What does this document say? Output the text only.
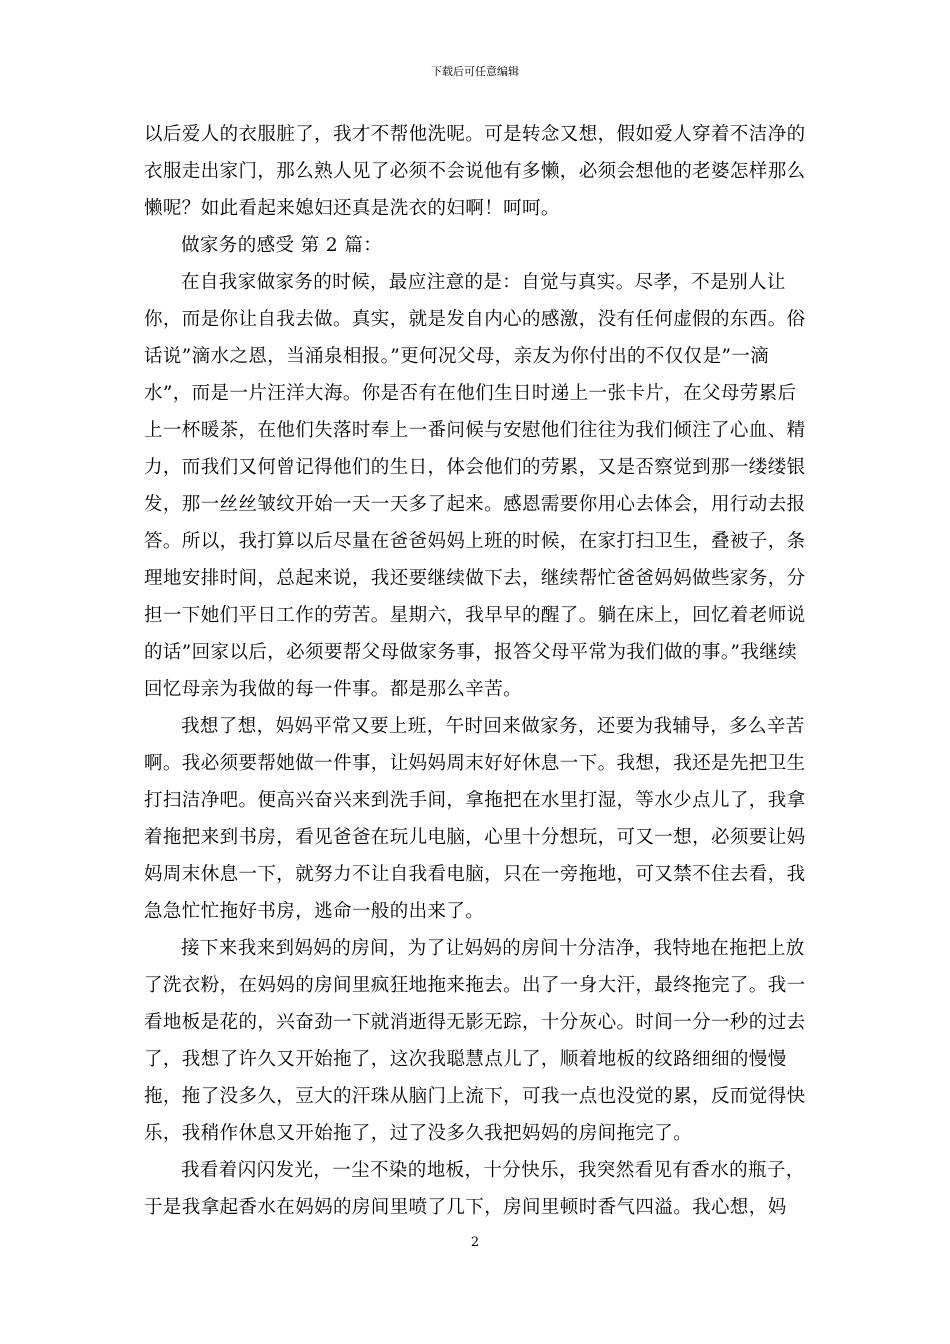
下载后可任意编辑

以后爱人的衣服脏了，我才不帮他洗呢。可是转念又想，假如爱人穿着不洁净的衣服走出家门，那么熟人见了必须不会说他有多懒，必须会想他的老婆怎样那么懒呢？如此看起来媳妇还真是洗衣的妇啊！呵呵。

做家务的感受 第 2 篇：

在自我家做家务的时候，最应注意的是：自觉与真实。尽孝，不是别人让你，而是你让自我去做。真实，就是发自内心的感激，没有任何虚假的东西。俗话说”滴水之恩，当涌泉相报。”更何况父母，亲友为你付出的不仅仅是”一滴水”，而是一片汪洋大海。你是否有在他们生日时递上一张卡片，在父母劳累后上一杯暖茶，在他们失落时奉上一番问候与安慰他们往往为我们倾注了心血、精力，而我们又何曾记得他们的生日，体会他们的劳累，又是否察觉到那一缕缕银发，那一丝丝皱纹开始一天一天多了起来。感恩需要你用心去体会，用行动去报答。所以，我打算以后尽量在爸爸妈妈上班的时候，在家打扫卫生，叠被子，条理地安排时间，总起来说，我还要继续做下去，继续帮忙爸爸妈妈做些家务，分担一下她们平日工作的劳苦。星期六，我早早的醒了。躺在床上，回忆着老师说的话”回家以后，必须要帮父母做家务事，报答父母平常为我们做的事。”我继续回忆母亲为我做的每一件事。都是那么辛苦。

我想了想，妈妈平常又要上班，午时回来做家务，还要为我辅导，多么辛苦啊。我必须要帮她做一件事，让妈妈周末好好休息一下。我想，我还是先把卫生打扫洁净吧。便高兴奋兴来到洗手间，拿拖把在水里打湿，等水少点儿了，我拿着拖把来到书房，看见爸爸在玩儿电脑，心里十分想玩，可又一想，必须要让妈妈周末休息一下，就努力不让自我看电脑，只在一旁拖地，可又禁不住去看，我急急忙忙拖好书房，逃命一般的出来了。

接下来我来到妈妈的房间，为了让妈妈的房间十分洁净，我特地在拖把上放了洗衣粉，在妈妈的房间里疯狂地拖来拖去。出了一身大汗，最终拖完了。我一看地板是花的，兴奋劲一下就消逝得无影无踪，十分灰心。时间一分一秒的过去了，我想了许久又开始拖了，这次我聪慧点儿了，顺着地板的纹路细细的慢慢拖，拖了没多久，豆大的汗珠从脑门上流下，可我一点也没觉的累，反而觉得快乐，我稍作休息又开始拖了，过了没多久我把妈妈的房间拖完了。

我看着闪闪发光，一尘不染的地板，十分快乐，我突然看见有香水的瓶子，于是我拿起香水在妈妈的房间里喷了几下，房间里顿时香气四溢。我心想，妈

2
